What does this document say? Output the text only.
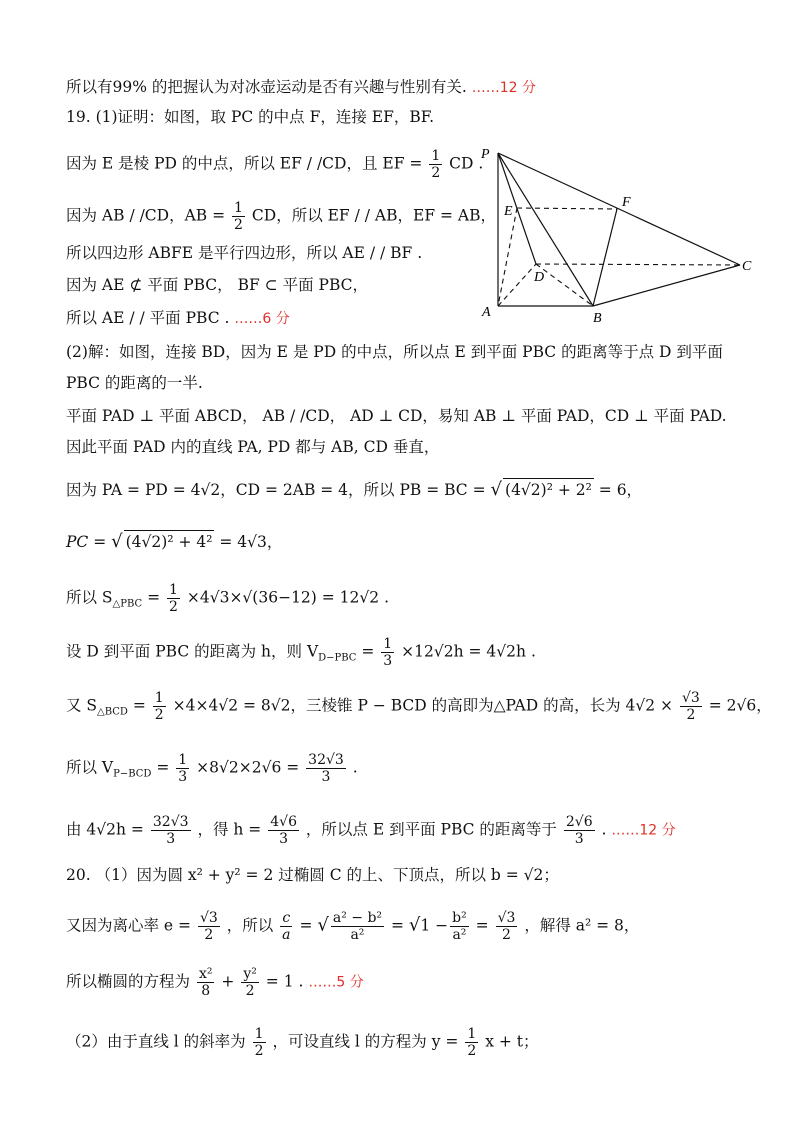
所以有99% 的把握认为对冰壶运动是否有兴趣与性别有关. ……12 分
19. (1)证明：如图，取 PC 的中点 F，连接 EF，BF.
因为 E 是棱 PD 的中点，所以 EF / /CD，且 EF = $\frac{1}{2}$ CD .
因为 AB / /CD，AB = $\frac{1}{2}$ CD，所以 EF / / AB，EF = AB，
所以四边形 ABFE 是平行四边形，所以 AE / / BF .
因为 AE ⊄ 平面 PBC， BF ⊂ 平面 PBC，
所以 AE / / 平面 PBC . ……6 分
P
E
F
D
C
A	B
(2)解：如图，连接 BD，因为 E 是 PD 的中点，所以点 E 到平面 PBC 的距离等于点 D 到平面
PBC 的距离的一半.
平面 PAD ⊥ 平面 ABCD， AB / /CD， AD ⊥ CD，易知 AB ⊥ 平面 PAD，CD ⊥ 平面 PAD.
因此平面 PAD 内的直线 PA, PD 都与 AB, CD 垂直，
因为 PA = PD = 4√2，CD = 2AB = 4，所以 PB = BC = √ (4√2)² + 2² = 6，
PC = √ (4√2)² + 4² = 4√3，
所以 $S_{\triangle PBC} = \frac{1}{2} \times 4√3\times√(36-12) = 12√2$ .
设 D 到平面 PBC 的距离为 h，则 $V_{D-PBC} = \frac{1}{3} \times 12√2h = 4√2h$ .
又 $S_{\triangle BCD} = \frac{1}{2} \times 4\times 4√2 = 8√2$，三棱锥 P − BCD 的高即为△PAD 的高，长为 $4√2 \times \frac{√3}{2} = 2√6$，
所以 $V_{P-BCD} = \frac{1}{3} \times 8√2\times 2√6 = \frac{32√3}{3}$ .
由 $4√2h = \frac{32√3}{3}$ ，得 $h = \frac{4√6}{3}$ ，所以点 E 到平面 PBC 的距离等于 $\frac{2√6}{3}$ . ……12 分
20. （1）因为圆 x² + y² = 2 过椭圆 C 的上、下顶点，所以 b = √2；
又因为离心率 $e = \frac{√3}{2}$ ，所以 $\frac{c}{a}$ = √ $\frac{\text{a² − b²}}{\text{a²}} = √1 - \frac{\text{b²}}{\text{a²}} = \frac{√3}{2}$ ，解得 a² = 8，
所以椭圆的方程为 $\frac{\text{x²}}{8} + \frac{\text{y²}}{2} = 1$ . ……5 分
（2）由于直线 l 的斜率为 $\frac{1}{2}$ ，可设直线 l 的方程为 $y = \frac{1}{2}$ x + t；
